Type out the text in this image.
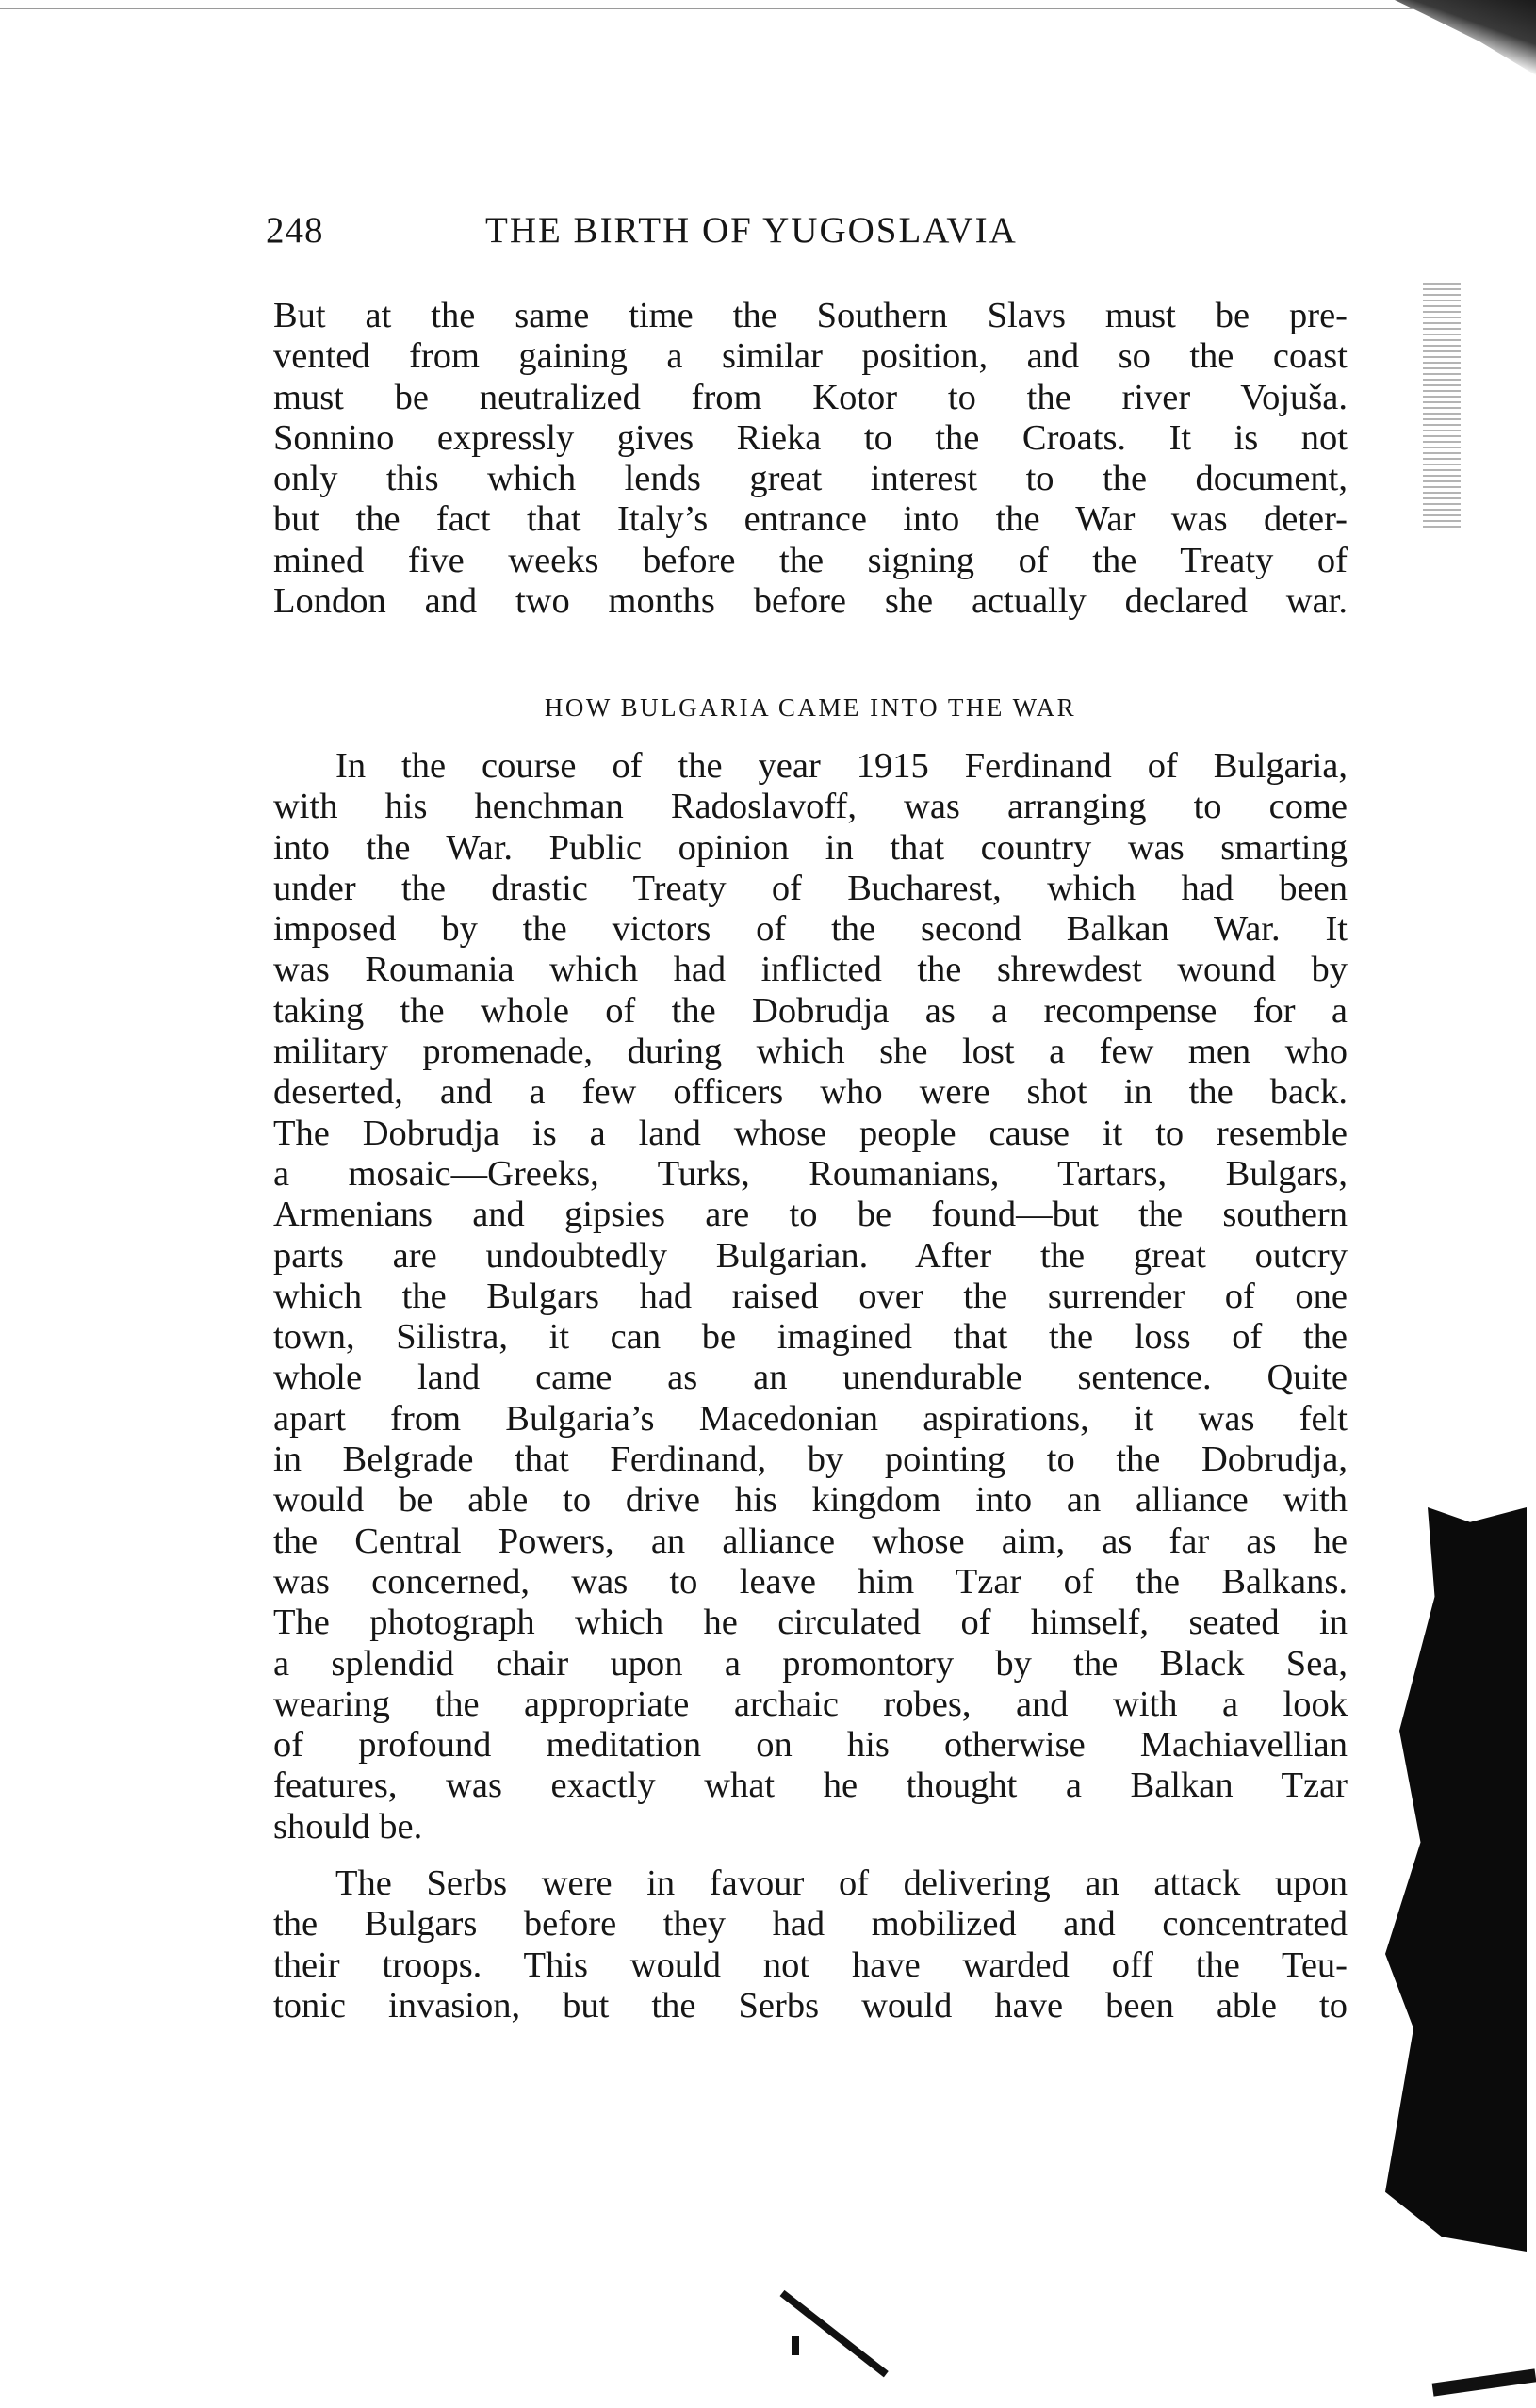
248	THE BIRTH OF YUGOSLAVIA

But at the same time the Southern Slavs must be pre-
vented from gaining a similar position, and so the coast
must be neutralized from Kotor to the river Vojuša.
Sonnino expressly gives Rieka to the Croats. It is not
only this which lends great interest to the document,
but the fact that Italy’s entrance into the War was deter-
mined five weeks before the signing of the Treaty of
London and two months before she actually declared war.

HOW BULGARIA CAME INTO THE WAR

In the course of the year 1915 Ferdinand of Bulgaria,
with his henchman Radoslavoff, was arranging to come
into the War. Public opinion in that country was smarting
under the drastic Treaty of Bucharest, which had been
imposed by the victors of the second Balkan War. It
was Roumania which had inflicted the shrewdest wound by
taking the whole of the Dobrudja as a recompense for a
military promenade, during which she lost a few men who
deserted, and a few officers who were shot in the back.
The Dobrudja is a land whose people cause it to resemble
a mosaic—Greeks, Turks, Roumanians, Tartars, Bulgars,
Armenians and gipsies are to be found—but the southern
parts are undoubtedly Bulgarian. After the great outcry
which the Bulgars had raised over the surrender of one
town, Silistra, it can be imagined that the loss of the
whole land came as an unendurable sentence. Quite
apart from Bulgaria’s Macedonian aspirations, it was felt
in Belgrade that Ferdinand, by pointing to the Dobrudja,
would be able to drive his kingdom into an alliance with
the Central Powers, an alliance whose aim, as far as he
was concerned, was to leave him Tzar of the Balkans.
The photograph which he circulated of himself, seated in
a splendid chair upon a promontory by the Black Sea,
wearing the appropriate archaic robes, and with a look
of profound meditation on his otherwise Machiavellian
features, was exactly what he thought a Balkan Tzar
should be.

The Serbs were in favour of delivering an attack upon
the Bulgars before they had mobilized and concentrated
their troops. This would not have warded off the Teu-
tonic invasion, but the Serbs would have been able to
